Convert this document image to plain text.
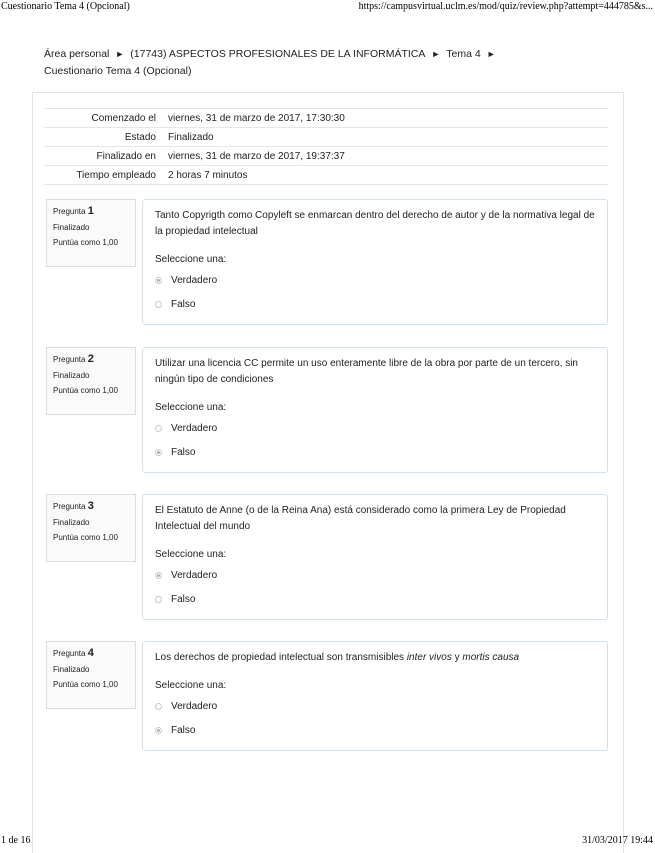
Cuestionario Tema 4 (Opcional)	https://campusvirtual.uclm.es/mod/quiz/review.php?attempt=444785&s...
Área personal ► (17743) ASPECTOS PROFESIONALES DE LA INFORMÁTICA ► Tema 4 ►
Cuestionario Tema 4 (Opcional)
Comenzado el	viernes, 31 de marzo de 2017, 17:30:30
Estado	Finalizado
Finalizado en	viernes, 31 de marzo de 2017, 19:37:37
Tiempo empleado	2 horas 7 minutos
Pregunta 1
Finalizado
Puntúa como 1,00
Tanto Copyrigth como Copyleft se enmarcan dentro del derecho de autor y de la normativa legal de la propiedad intelectual
Seleccione una:
Verdadero
Falso
Pregunta 2
Finalizado
Puntúa como 1,00
Utilizar una licencia CC permite un uso enteramente libre de la obra por parte de un tercero, sin ningún tipo de condiciones
Seleccione una:
Verdadero
Falso
Pregunta 3
Finalizado
Puntúa como 1,00
El Estatuto de Anne (o de la Reina Ana) está considerado como la primera Ley de Propiedad Intelectual del mundo
Seleccione una:
Verdadero
Falso
Pregunta 4
Finalizado
Puntúa como 1,00
Los derechos de propiedad intelectual son transmisibles inter vivos y mortis causa
Seleccione una:
Verdadero
Falso
1 de 16	31/03/2017 19:44
